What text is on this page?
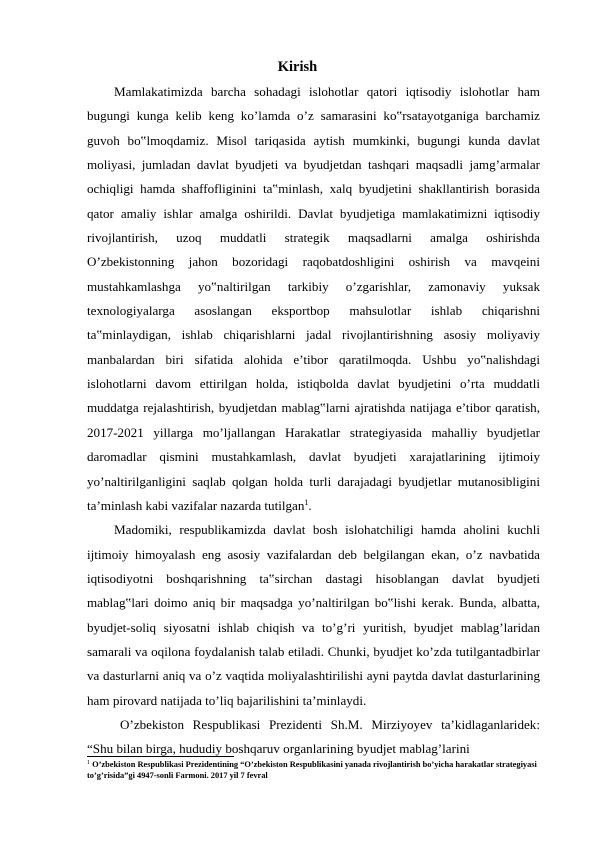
Kirish

Mamlakatimizda barcha sohadagi islohotlar qatori iqtisodiy islohotlar ham bugungi kunga kelib keng ko’lamda o’z samarasini ko‟rsatayotganiga barchamiz guvoh bo‟lmoqdamiz. Misol tariqasida aytish mumkinki, bugungi kunda davlat moliyasi, jumladan davlat byudjeti va byudjetdan tashqari maqsadli jamg’armalar ochiqligi hamda shaffofliginini ta‟minlash, xalq byudjetini shakllantirish borasida qator amaliy ishlar amalga oshirildi. Davlat byudjetiga mamlakatimizni iqtisodiy rivojlantirish, uzoq muddatli strategik maqsadlarni amalga oshirishda O’zbekistonning jahon bozoridagi raqobatdoshligini oshirish va mavqeini mustahkamlashga yo‟naltirilgan tarkibiy o’zgarishlar, zamonaviy yuksak texnologiyalarga asoslangan eksportbop mahsulotlar ishlab chiqarishni ta‟minlaydigan, ishlab chiqarishlarni jadal rivojlantirishning asosiy moliyaviy manbalardan biri sifatida alohida e’tibor qaratilmoqda. Ushbu yo‟nalishdagi islohotlarni davom ettirilgan holda, istiqbolda davlat byudjetini o’rta muddatli muddatga rejalashtirish, byudjetdan mablag‟larni ajratishda natijaga e’tibor qaratish, 2017-2021 yillarga mo’ljallangan Harakatlar strategiyasida mahalliy byudjetlar daromadlar qismini mustahkamlash, davlat byudjeti xarajatlarining ijtimoiy yo’naltirilganligini saqlab qolgan holda turli darajadagi byudjetlar mutanosibligini ta’minlash kabi vazifalar nazarda tutilgan$^1$.

Madomiki, respublikamizda davlat bosh islohatchiligi hamda aholini kuchli ijtimoiy himoyalash eng asosiy vazifalardan deb belgilangan ekan, o’z navbatida iqtisodiyotni boshqarishning ta‟sirchan dastagi hisoblangan davlat byudjeti mablag‟lari doimo aniq bir maqsadga yo’naltirilgan bo‟lishi kerak. Bunda, albatta, byudjet-soliq siyosatni ishlab chiqish va to’g’ri yuritish, byudjet mablag’laridan samarali va oqilona foydalanish talab etiladi. Chunki, byudjet ko’zda tutilgantadbirlar va dasturlarni aniq va o’z vaqtida moliyalashtirilishi ayni paytda davlat dasturlarining ham pirovard natijada to’liq bajarilishini ta’minlaydi.

O’zbekiston Respublikasi Prezidenti Sh.M. Mirziyoyev ta’kidlaganlaridek: “Shu bilan birga, hududiy boshqaruv organlarining byudjet mablag’larini

$^1$ O’zbekiston Respublikasi Prezidentining “O’zbekiston Respublikasini yanada rivojlantirish bo’yicha harakatlar strategiyasi to’g’risida”gi 4947-sonli Farmoni. 2017 yil 7 fevral
